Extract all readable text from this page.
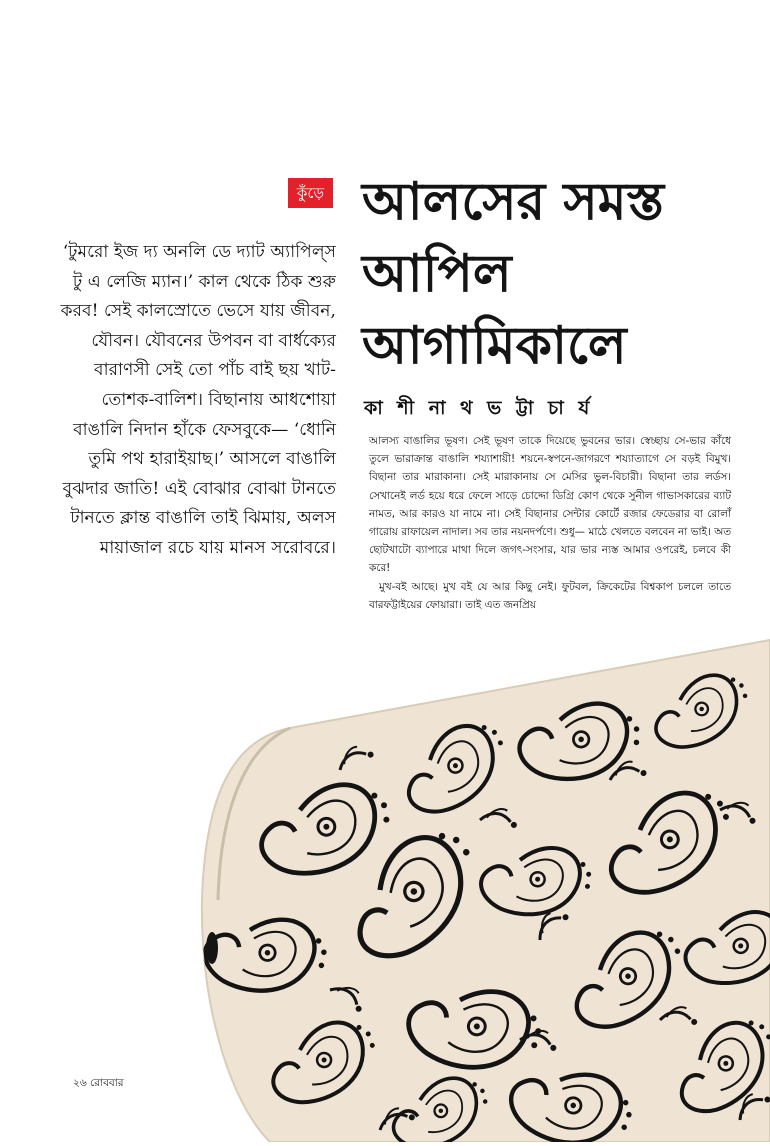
কুঁড়ে আলসের সমস্ত
আপিল
আগামিকালে
কা শী না থ ভ ট্টা চা র্য

‘টুমরো ইজ দ্য অনলি ডে দ্যাট অ্যাপিল্‌স টু এ লেজি ম্যান।’ কাল থেকে ঠিক শুরু করব! সেই কালস্রোতে ভেসে যায় জীবন, যৌবন। যৌবনের উপবন বা বার্ধক্যের বারাণসী সেই তো পাঁচ বাই ছয় খাট-তোশক-বালিশ। বিছানায় আধশোয়া বাঙালি নিদান হাঁকে ফেসবুকে— ‘ধোনি তুমি পথ হারাইয়াছ।’ আসলে বাঙালি বুঝদার জাতি! এই বোঝার বোঝা টানতে টানতে ক্লান্ত বাঙালি তাই ঝিমায়, অলস মায়াজাল রচে যায় মানস সরোবরে।

আলস্য বাঙালির ভূষণ। সেই ভূষণ তাকে দিয়েছে ভুবনের ভার। স্বেচ্ছায় সে-ভার কাঁধে তুলে ভারাক্রান্ত বাঙালি শয্যাশায়ী! শয়নে-স্বপনে-জাগরণে শয্যাত্যাগে সে বড়ই বিমুখ। বিছানা তার মারাকানা। সেই মারাকানায় সে মেসির ভুল-বিচারী। বিছানা তার লর্ডস। সেখানেই লর্ড হয়ে ধরে ফেলে সাড়ে চোদ্দো ডিগ্রি কোণ থেকে সুনীল গাভাসকারের ব্যাট নামত, আর কারও যা নামে না। সেই বিছানার সেন্টার কোর্টে রজার ফেডেরার বা রোলাঁ গারোয় রাফায়েল নাদাল। সব তার নয়নদর্পণে। শুধু— মাঠে খেলতে বলবেন না ভাই। অত ছোটখাটো ব্যাপারে মাথা দিলে জগৎ-সংসার, যার ভার ন্যস্ত আমার ওপরেই, চলবে কী করে!

মুখ-বই আছে। মুখ বই যে আর কিছু নেই। ফুটবল, ক্রিকেটের বিশ্বকাপ চললে তাতে বারফট্টাইয়ের ফোয়ারা। তাই এত জনপ্রিয়

২৬ রোববার
